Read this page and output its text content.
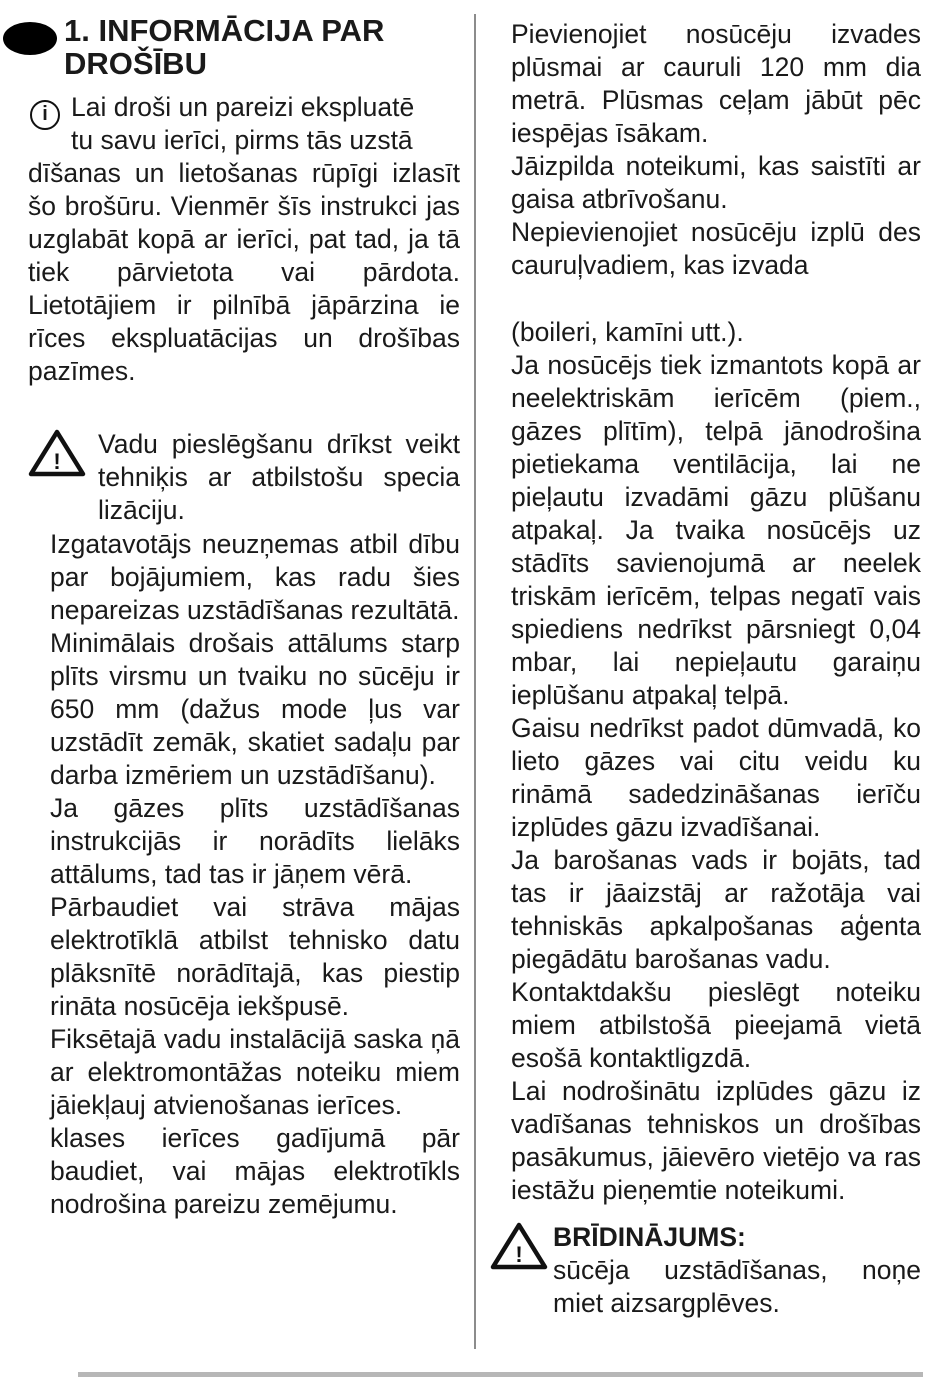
1. INFORMĀCIJA PAR
DROŠĪBU
i Lai droši un pareizi ekspluatē

tu savu ierīci, pirms tās uzstā

dīšanas un lietošanas rūpīgi izlasīt šo brošūru. Vienmēr šīs instrukci jas uzglabāt kopā ar ierīci, pat tad, ja tā tiek pārvietota vai pārdota. Lietotājiem ir pilnībā jāpārzina ie rīces ekspluatācijas un drošības pazīmes.

!

Vadu pieslēgšanu drīkst veikt tehniķis ar atbilstošu specia lizāciju.

Izgatavotājs neuzņemas atbil dību par bojājumiem, kas radu šies nepareizas uzstādīšanas rezultātā.

Minimālais drošais attālums starp plīts virsmu un tvaiku no sūcēju ir 650 mm (dažus mode ļus var uzstādīt zemāk, skatiet sadaļu par darba izmēriem un uzstādīšanu).

Ja gāzes plīts uzstādīšanas instrukcijās ir norādīts lielāks attālums, tad tas ir jāņem vērā.

Pārbaudiet vai strāva mājas elektrotīklā atbilst tehnisko datu plāksnītē norādītajā, kas piestip rināta nosūcēja iekšpusē.

Fiksētajā vadu instalācijā saska ņā ar elektromontāžas noteiku miem jāiekļauj atvienošanas ierīces.

klases ierīces gadījumā pār baudiet, vai mājas elektrotīkls nodrošina pareizu zemējumu.

Pievienojiet nosūcēju izvades plūsmai ar cauruli 120 mm dia metrā. Plūsmas ceļam jābūt pēc iespējas īsākam.

Jāizpilda noteikumi, kas saistīti ar gaisa atbrīvošanu.

Nepievienojiet nosūcēju izplū des cauruļvadiem, kas izvada

(boileri, kamīni utt.).

Ja nosūcējs tiek izmantots kopā ar neelektriskām ierīcēm (piem., gāzes plītīm), telpā jānodrošina pietiekama ventilācija, lai ne pieļautu izvadāmi gāzu plūšanu atpakaļ. Ja tvaika nosūcējs uz stādīts savienojumā ar neelek triskām ierīcēm, telpas negatī vais spiediens nedrīkst pārsniegt 0,04 mbar, lai nepieļautu garaiņu ieplūšanu atpakaļ telpā.

Gaisu nedrīkst padot dūmvadā, ko lieto gāzes vai citu veidu ku rināmā sadedzināšanas ierīču izplūdes gāzu izvadīšanai.

Ja barošanas vads ir bojāts, tad tas ir jāaizstāj ar ražotāja vai tehniskās apkalpošanas aģenta piegādātu barošanas vadu.

Kontaktdakšu pieslēgt noteiku miem atbilstošā pieejamā vietā esošā kontaktligzdā.

Lai nodrošinātu izplūdes gāzu iz vadīšanas tehniskos un drošības pasākumus, jāievēro vietējo va ras iestāžu pieņemtie noteikumi.

!

BRĪDINĀJUMS:

sūcēja uzstādīšanas, noņe miet aizsargplēves.
